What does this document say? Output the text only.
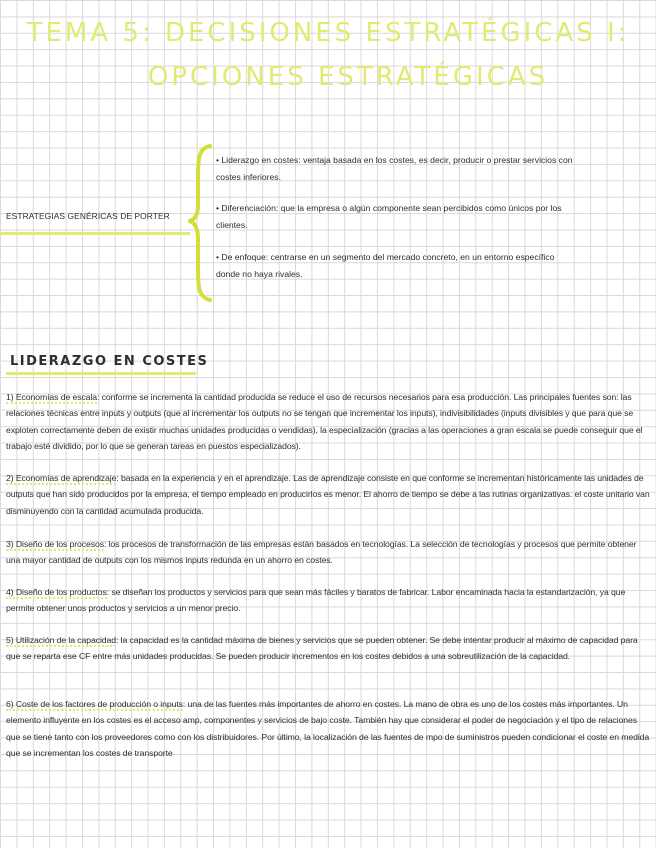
TEMA 5: DECISIONES ESTRATÉGICAS I:
OPCIONES ESTRATÉGICAS
ESTRATEGIAS GENÉRICAS DE PORTER
• Liderazgo en costes: ventaja basada en los costes, es decir, producir o prestar servicios con costes inferiores.
• Diferenciación: que la empresa o algún componente sean percibidos como únicos por los clientes.
• De enfoque: centrarse en un segmento del mercado concreto, en un entorno específico donde no haya rivales.
LIDERAZGO EN COSTES
1) Economías de escala: conforme se incrementa la cantidad producida se reduce el uso de recursos necesarios para esa producción. Las principales fuentes son: las relaciones técnicas entre inputs y outputs (que al incrementar los outputs no se tengan que incrementar los inputs), indivisibilidades (inputs divisibles y que para que se exploten correctamente deben de existir muchas unidades producidas o vendidas), la especialización (gracias a las operaciones a gran escala se puede conseguir que el trabajo esté dividido, por lo que se generan tareas en puestos especializados).
2) Economías de aprendizaje: basada en la experiencia y en el aprendizaje. Las de aprendizaje consiste en que conforme se incrementan históricamente las unidades de outputs que han sido producidos por la empresa, el tiempo empleado en producirlos es menor. El ahorro de tiempo se debe a las rutinas organizativas. el coste unitario van disminuyendo con la cantidad acumulada producida.
3) Diseño de los procesos: los procesos de transformación de las empresas están basados en tecnologías. La selección de tecnologías y procesos que permite obtener una mayor cantidad de outputs con los mismos inputs redunda en un ahorro en costes.
4) Diseño de los productos: se diseñan los productos y servicios para que sean más fáciles y baratos de fabricar. Labor encaminada hacia la estandarización, ya que permite obtener unos productos y servicios a un menor precio.
5) Utilización de la capacidad: la capacidad es la cantidad máxima de bienes y servicios que se pueden obtener. Se debe intentar producir al máximo de capacidad para que se reparta ese CF entre más unidades producidas. Se pueden producir incrementos en los costes debidos a una sobreutilización de la capacidad.
6) Coste de los factores de producción o inputs: una de las fuentes más importantes de ahorro en costes. La mano de obra es uno de los costes más importantes. Un elemento influyente en los costes es el acceso amp, componentes y servicios de bajo coste. También hay que considerar el poder de negociación y el tipo de relaciones que se tiene tanto con los proveedores como con los distribuidores. Por último, la localización de las fuentes de mpo de suministros pueden condicionar el coste en medida que se incrementan los costes de transporte
